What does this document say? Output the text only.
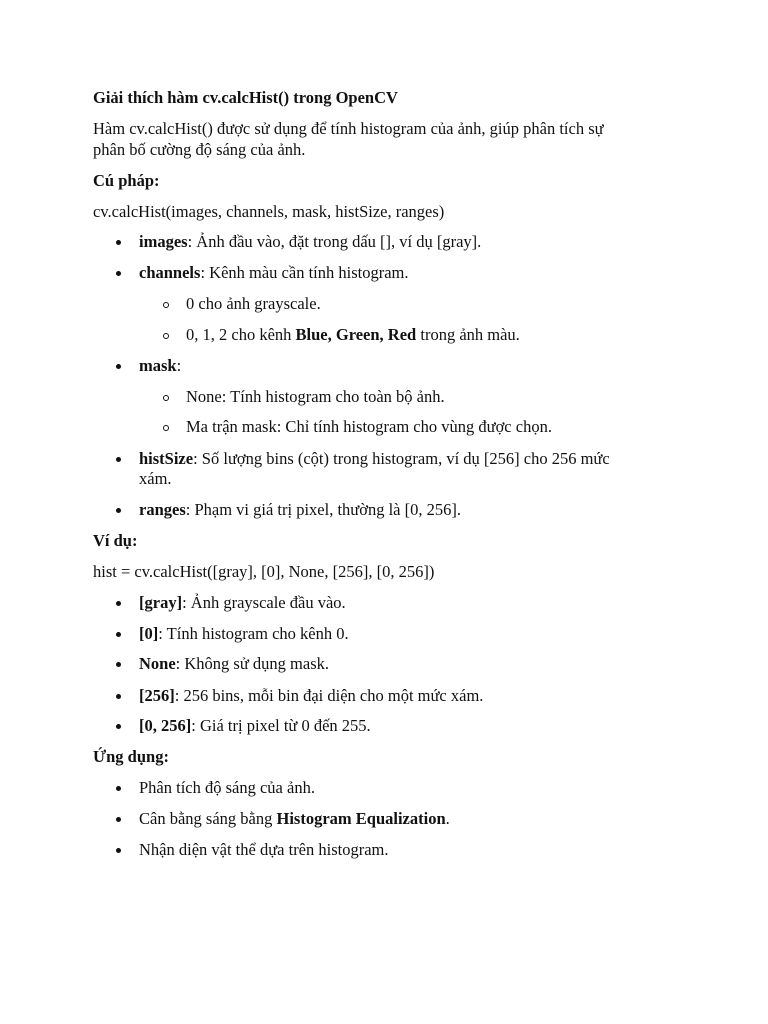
Giải thích hàm cv.calcHist() trong OpenCV
Hàm cv.calcHist() được sử dụng để tính histogram của ảnh, giúp phân tích sự
phân bố cường độ sáng của ảnh.
Cú pháp:
cv.calcHist(images, channels, mask, histSize, ranges)
images: Ảnh đầu vào, đặt trong dấu [], ví dụ [gray].
channels: Kênh màu cần tính histogram.
0 cho ảnh grayscale.
0, 1, 2 cho kênh Blue, Green, Red trong ảnh màu.
mask:
None: Tính histogram cho toàn bộ ảnh.
Ma trận mask: Chỉ tính histogram cho vùng được chọn.
histSize: Số lượng bins (cột) trong histogram, ví dụ [256] cho 256 mức
xám.
ranges: Phạm vi giá trị pixel, thường là [0, 256].
Ví dụ:
hist = cv.calcHist([gray], [0], None, [256], [0, 256])
[gray]: Ảnh grayscale đầu vào.
[0]: Tính histogram cho kênh 0.
None: Không sử dụng mask.
[256]: 256 bins, mỗi bin đại diện cho một mức xám.
[0, 256]: Giá trị pixel từ 0 đến 255.
Ứng dụng:
Phân tích độ sáng của ảnh.
Cân bằng sáng bằng Histogram Equalization.
Nhận diện vật thể dựa trên histogram.
